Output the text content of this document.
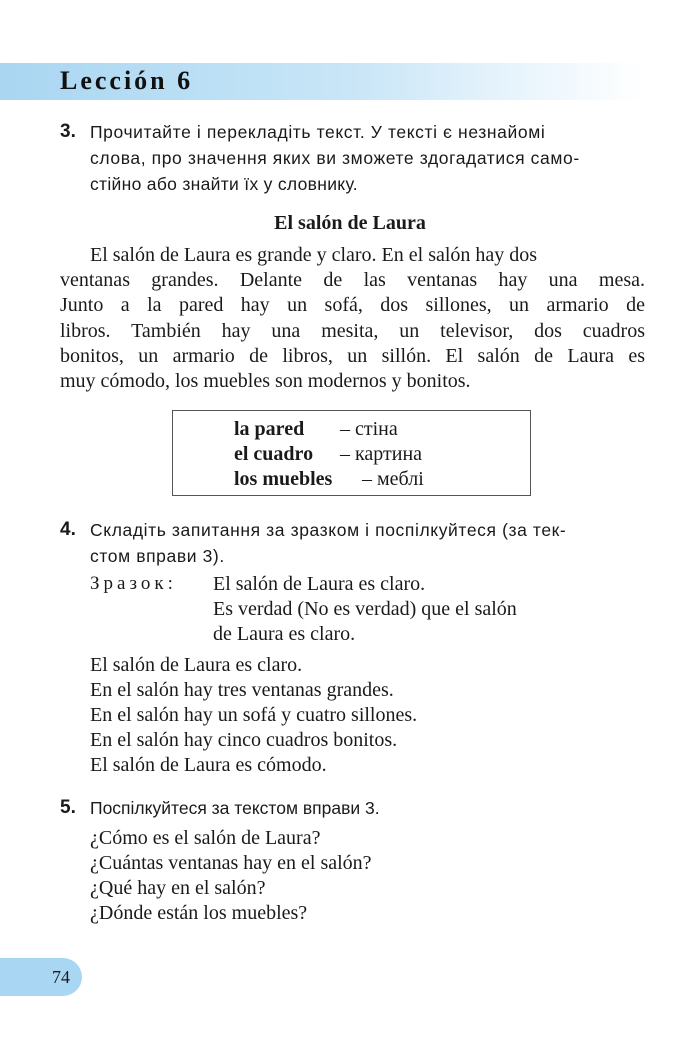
Lección 6
3. Прочитайте і перекладіть текст. У тексті є незнайомі
слова, про значення яких ви зможете здогадатися само-
стійно або знайти їх у словнику.
El salón de Laura
El salón de Laura es grande y claro. En el salón hay dos
ventanas grandes. Delante de las ventanas hay una mesa.
Junto a la pared hay un sofá, dos sillones, un armario de
libros. También hay una mesita, un televisor, dos cuadros
bonitos, un armario de libros, un sillón. El salón de Laura es
muy cómodo, los muebles son modernos y bonitos.
la pared – стіна
el cuadro – картина
los muebles – меблі
4. Складіть запитання за зразком і поспілкуйтеся (за тек-
стом вправи 3).
Зразок: El salón de Laura es claro.
Es verdad (No es verdad) que el salón
de Laura es claro.
El salón de Laura es claro.
En el salón hay tres ventanas grandes.
En el salón hay un sofá y cuatro sillones.
En el salón hay cinco cuadros bonitos.
El salón de Laura es cómodo.
5. Поспілкуйтеся за текстом вправи 3.
¿Cómo es el salón de Laura?
¿Cuántas ventanas hay en el salón?
¿Qué hay en el salón?
¿Dónde están los muebles?
74
